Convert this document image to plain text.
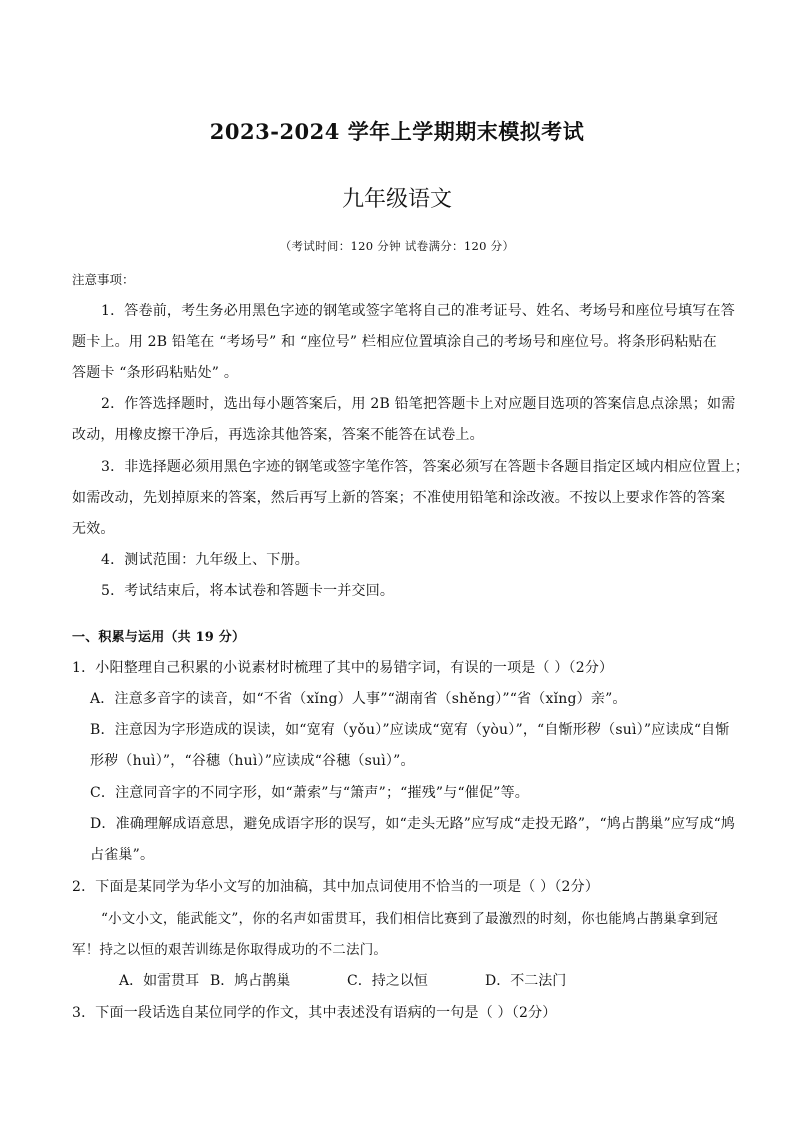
2023-2024 学年上学期期末模拟考试
九年级语文
（考试时间：120 分钟 试卷满分：120 分）
注意事项：
1．答卷前，考生务必用黑色字迹的钢笔或签字笔将自己的准考证号、姓名、考场号和座位号填写在答
题卡上。用 2B 铅笔在 “考场号” 和 “座位号” 栏相应位置填涂自己的考场号和座位号。将条形码粘贴在
答题卡 “条形码粘贴处” 。
2．作答选择题时，选出每小题答案后，用 2B 铅笔把答题卡上对应题目选项的答案信息点涂黑；如需
改动，用橡皮擦干净后，再选涂其他答案，答案不能答在试卷上。
3．非选择题必须用黑色字迹的钢笔或签字笔作答，答案必须写在答题卡各题目指定区域内相应位置上；
如需改动，先划掉原来的答案，然后再写上新的答案；不准使用铅笔和涂改液。不按以上要求作答的答案
无效。
4．测试范围：九年级上、下册。
5．考试结束后，将本试卷和答题卡一并交回。
一、积累与运用（共 19 分）
1．小阳整理自己积累的小说素材时梳理了其中的易错字词，有误的一项是（ ）（2分）
A．注意多音字的读音，如“不省（xǐng）人事”“湖南省（shěng）”“省（xǐng）亲”。
B．注意因为字形造成的误读，如“宽宥（yǒu）”应读成“宽宥（yòu）”，“自惭形秽（suì）”应读成“自惭
形秽（huì）”，“谷穗（huì）”应读成“谷穗（suì）”。
C．注意同音字的不同字形，如“萧索”与“箫声”；“摧残”与“催促”等。
D．准确理解成语意思，避免成语字形的误写，如“走头无路”应写成“走投无路”，“鸠占鹊巢”应写成“鸠
占雀巢”。
2．下面是某同学为华小文写的加油稿，其中加点词使用不恰当的一项是（ ）（2分）
“小文小文，能武能文”，你的名声如雷贯耳，我们相信比赛到了最激烈的时刻，你也能鸠占鹊巢拿到冠
军！持之以恒的艰苦训练是你取得成功的不二法门。
A．如雷贯耳 B．鸠占鹊巢	C．持之以恒	D．不二法门
3．下面一段话选自某位同学的作文，其中表述没有语病的一句是（ ）（2分）
